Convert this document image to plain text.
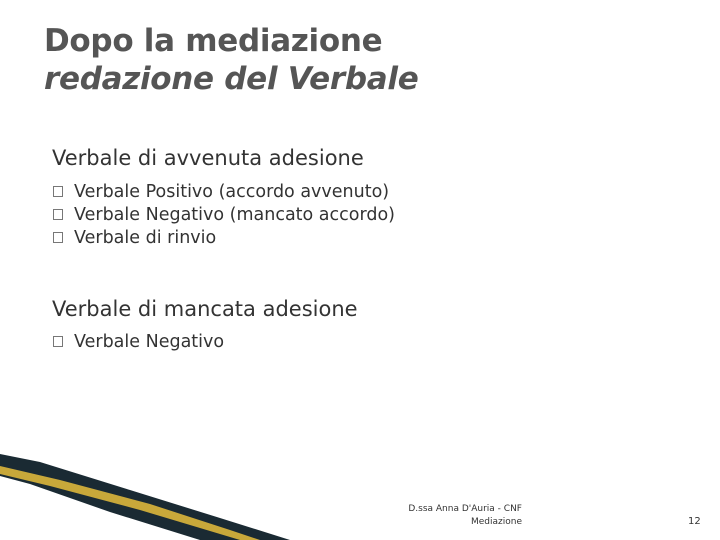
Dopo la mediazione
redazione del Verbale
Verbale di avvenuta adesione
Verbale Positivo (accordo avvenuto)
Verbale Negativo (mancato accordo)
Verbale di rinvio
Verbale di mancata adesione
Verbale Negativo
D.ssa Anna D'Auria - CNF
Mediazione	12
